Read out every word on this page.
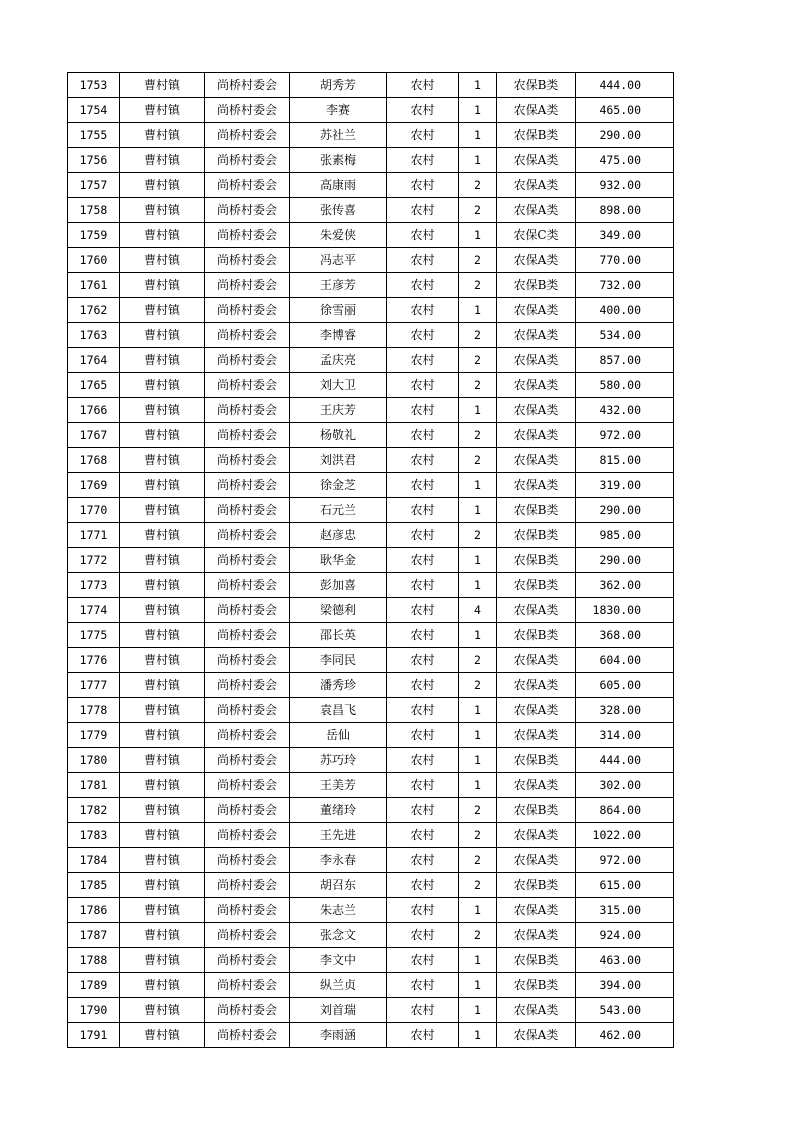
1753	曹村镇	尚桥村委会	胡秀芳	农村	1	农保B类	444.00
1754	曹村镇	尚桥村委会	李赛	农村	1	农保A类	465.00
1755	曹村镇	尚桥村委会	苏社兰	农村	1	农保B类	290.00
1756	曹村镇	尚桥村委会	张素梅	农村	1	农保A类	475.00
1757	曹村镇	尚桥村委会	高康雨	农村	2	农保A类	932.00
1758	曹村镇	尚桥村委会	张传喜	农村	2	农保A类	898.00
1759	曹村镇	尚桥村委会	朱爱侠	农村	1	农保C类	349.00
1760	曹村镇	尚桥村委会	冯志平	农村	2	农保A类	770.00
1761	曹村镇	尚桥村委会	王彦芳	农村	2	农保B类	732.00
1762	曹村镇	尚桥村委会	徐雪丽	农村	1	农保A类	400.00
1763	曹村镇	尚桥村委会	李博睿	农村	2	农保A类	534.00
1764	曹村镇	尚桥村委会	孟庆亮	农村	2	农保A类	857.00
1765	曹村镇	尚桥村委会	刘大卫	农村	2	农保A类	580.00
1766	曹村镇	尚桥村委会	王庆芳	农村	1	农保A类	432.00
1767	曹村镇	尚桥村委会	杨敬礼	农村	2	农保A类	972.00
1768	曹村镇	尚桥村委会	刘洪君	农村	2	农保A类	815.00
1769	曹村镇	尚桥村委会	徐金芝	农村	1	农保A类	319.00
1770	曹村镇	尚桥村委会	石元兰	农村	1	农保B类	290.00
1771	曹村镇	尚桥村委会	赵彦忠	农村	2	农保B类	985.00
1772	曹村镇	尚桥村委会	耿华金	农村	1	农保B类	290.00
1773	曹村镇	尚桥村委会	彭加喜	农村	1	农保B类	362.00
1774	曹村镇	尚桥村委会	梁德利	农村	4	农保A类	1830.00
1775	曹村镇	尚桥村委会	邵长英	农村	1	农保B类	368.00
1776	曹村镇	尚桥村委会	李同民	农村	2	农保A类	604.00
1777	曹村镇	尚桥村委会	潘秀珍	农村	2	农保A类	605.00
1778	曹村镇	尚桥村委会	袁昌飞	农村	1	农保A类	328.00
1779	曹村镇	尚桥村委会	岳仙	农村	1	农保A类	314.00
1780	曹村镇	尚桥村委会	苏巧玲	农村	1	农保B类	444.00
1781	曹村镇	尚桥村委会	王美芳	农村	1	农保A类	302.00
1782	曹村镇	尚桥村委会	董绪玲	农村	2	农保B类	864.00
1783	曹村镇	尚桥村委会	王先进	农村	2	农保A类	1022.00
1784	曹村镇	尚桥村委会	李永春	农村	2	农保A类	972.00
1785	曹村镇	尚桥村委会	胡召东	农村	2	农保B类	615.00
1786	曹村镇	尚桥村委会	朱志兰	农村	1	农保A类	315.00
1787	曹村镇	尚桥村委会	张念文	农村	2	农保A类	924.00
1788	曹村镇	尚桥村委会	李文中	农村	1	农保B类	463.00
1789	曹村镇	尚桥村委会	纵兰贞	农村	1	农保B类	394.00
1790	曹村镇	尚桥村委会	刘首瑞	农村	1	农保A类	543.00
1791	曹村镇	尚桥村委会	李雨涵	农村	1	农保A类	462.00
